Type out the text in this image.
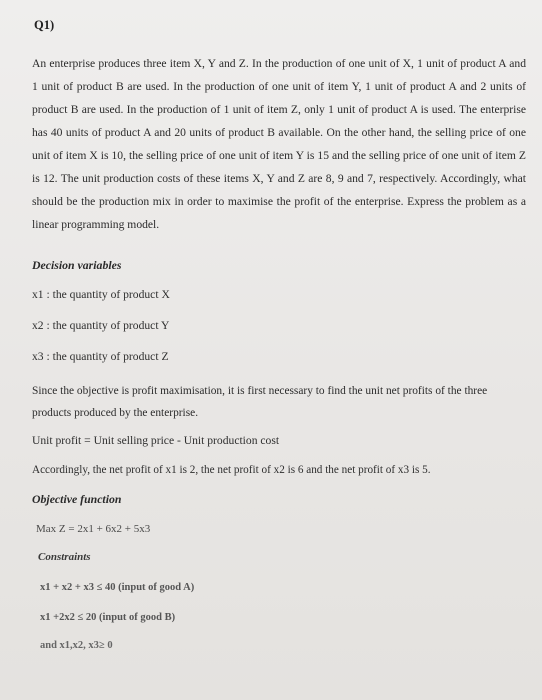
Q1)
An enterprise produces three item X, Y and Z. In the production of one unit of X, 1 unit of product A and 1 unit of product B are used. In the production of one unit of item Y, 1 unit of product A and 2 units of product B are used. In the production of 1 unit of item Z, only 1 unit of product A is used. The enterprise has 40 units of product A and 20 units of product B available. On the other hand, the selling price of one unit of item X is 10, the selling price of one unit of item Y is 15 and the selling price of one unit of item Z is 12. The unit production costs of these items X, Y and Z are 8, 9 and 7, respectively. Accordingly, what should be the production mix in order to maximise the profit of the enterprise. Express the problem as a linear programming model.
Decision variables
x1 : the quantity of product X
x2 : the quantity of product Y
x3 : the quantity of product Z
Since the objective is profit maximisation, it is first necessary to find the unit net profits of the three products produced by the enterprise.
Unit profit = Unit selling price - Unit production cost
Accordingly, the net profit of x1 is 2, the net profit of x2 is 6 and the net profit of x3 is 5.
Objective function
Max Z = 2x1 + 6x2 + 5x3
Constraints
x1 + x2 + x3 ≤ 40 (input of good A)
x1 +2x2 ≤ 20 (input of good B)
and x1,x2, x3≥ 0
